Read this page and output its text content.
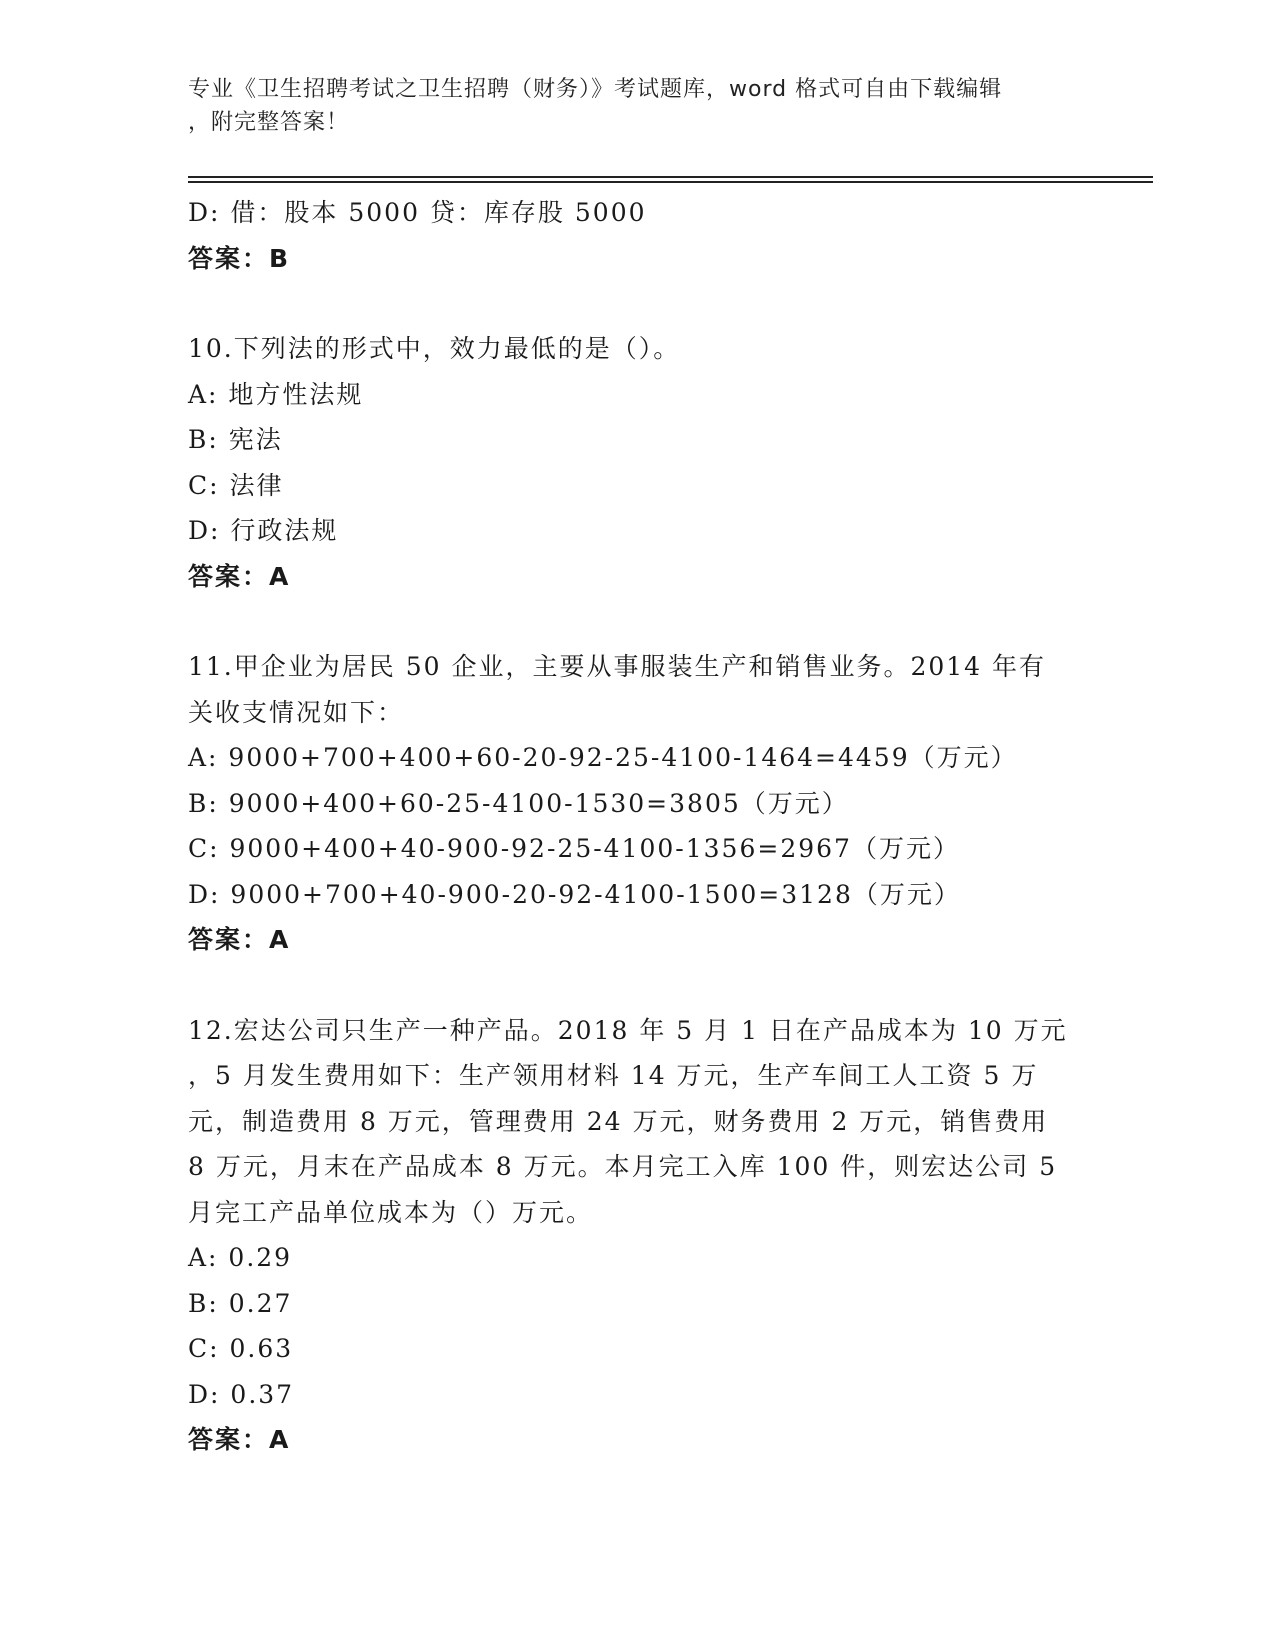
专业《卫生招聘考试之卫生招聘（财务）》考试题库，word 格式可自由下载编辑
，附完整答案！
D: 借：股本 5000 贷：库存股 5000
答案：B
10.下列法的形式中，效力最低的是（）。
A: 地方性法规
B: 宪法
C: 法律
D: 行政法规
答案：A
11.甲企业为居民 50 企业，主要从事服装生产和销售业务。2014 年有
关收支情况如下：
A: 9000+700+400+60-20-92-25-4100-1464=4459（万元）
B: 9000+400+60-25-4100-1530=3805（万元）
C: 9000+400+40-900-92-25-4100-1356=2967（万元）
D: 9000+700+40-900-20-92-4100-1500=3128（万元）
答案：A
12.宏达公司只生产一种产品。2018 年 5 月 1 日在产品成本为 10 万元
，5 月发生费用如下：生产领用材料 14 万元，生产车间工人工资 5 万
元，制造费用 8 万元，管理费用 24 万元，财务费用 2 万元，销售费用
8 万元，月末在产品成本 8 万元。本月完工入库 100 件，则宏达公司 5
月完工产品单位成本为（）万元。
A: 0.29
B: 0.27
C: 0.63
D: 0.37
答案：A
